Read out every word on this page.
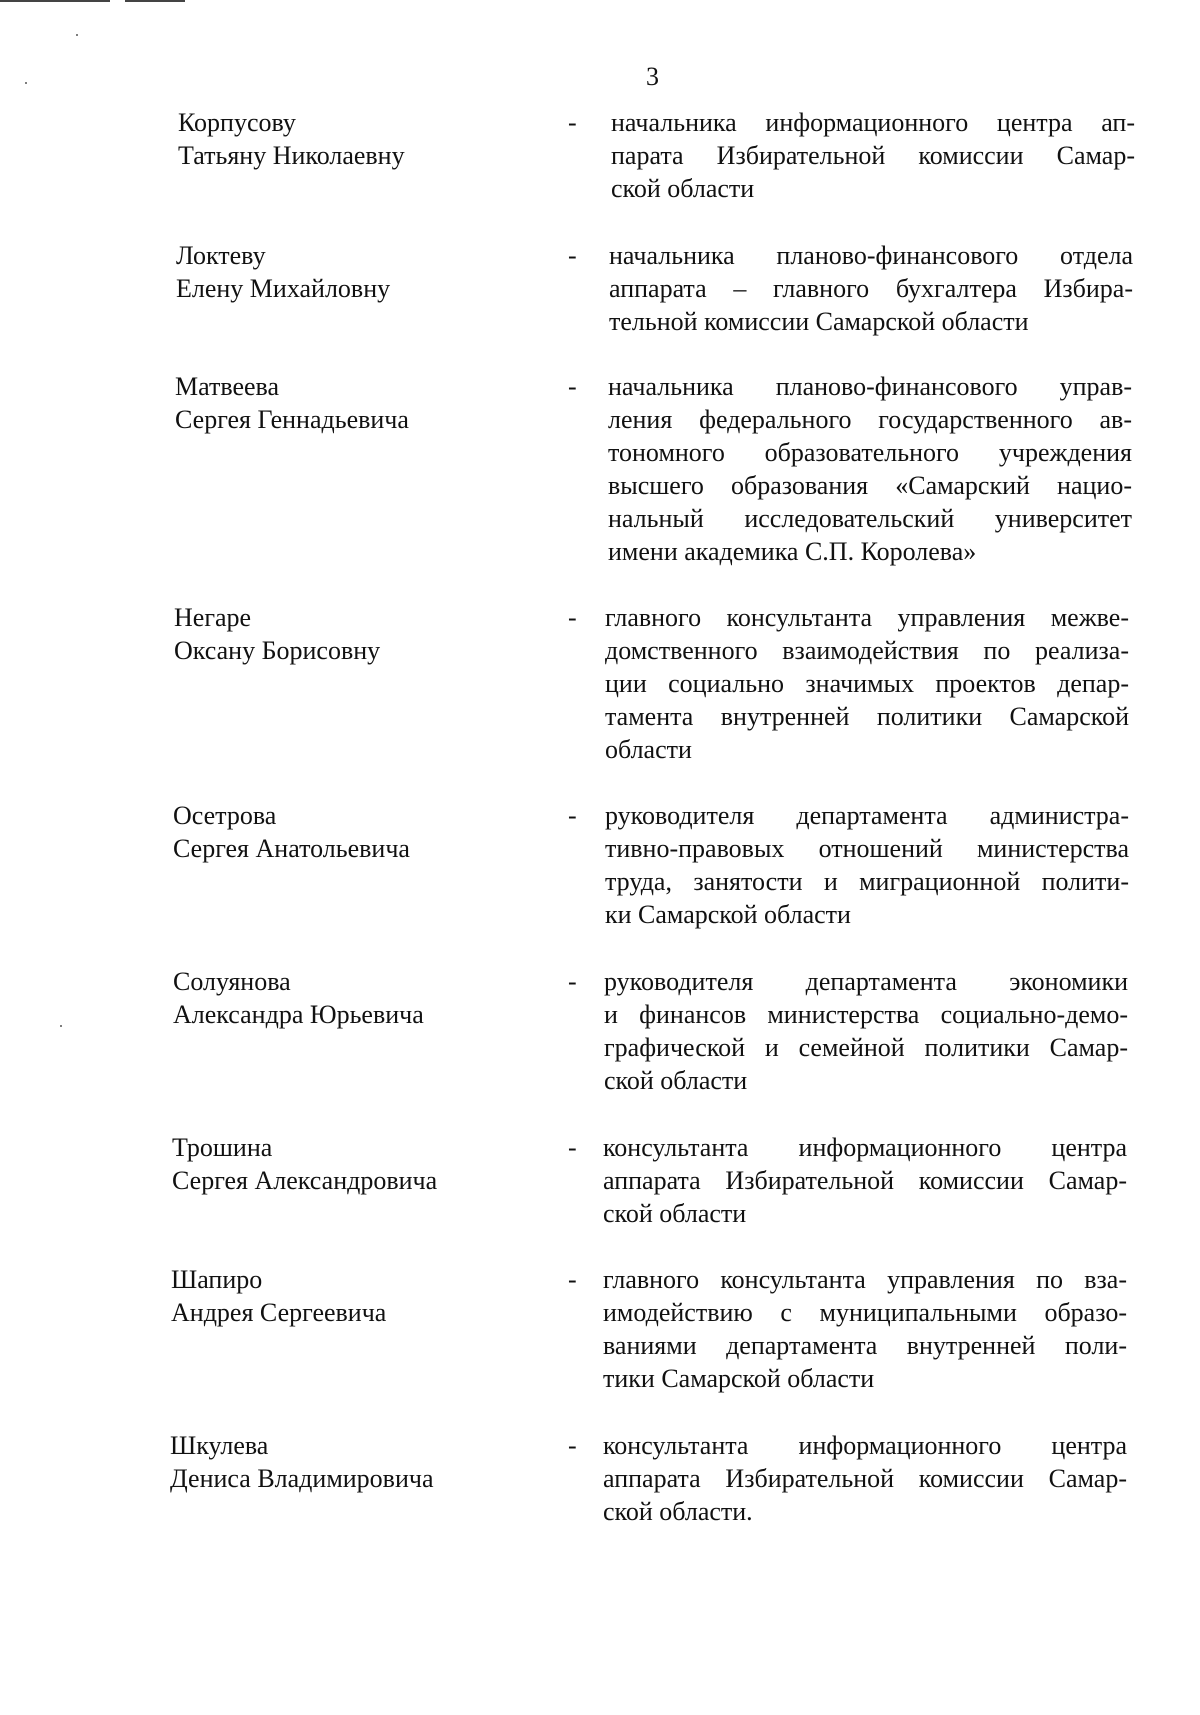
3
Корпусову
Татьяну Николаевну
- начальника информационного центра ап-
парата Избирательной комиссии Самар-
ской области
Локтеву
Елену Михайловну
- начальника планово-финансового отдела
аппарата – главного бухгалтера Избира-
тельной комиссии Самарской области
Матвеева
Сергея Геннадьевича
- начальника планово-финансового управ-
ления федерального государственного ав-
тономного образовательного учреждения
высшего образования «Самарский нацио-
нальный исследовательский университет
имени академика С.П. Королева»
Негаре
Оксану Борисовну
- главного консультанта управления межве-
домственного взаимодействия по реализа-
ции социально значимых проектов депар-
тамента внутренней политики Самарской
области
Осетрова
Сергея Анатольевича
- руководителя департамента администра-
тивно-правовых отношений министерства
труда, занятости и миграционной полити-
ки Самарской области
Солуянова
Александра Юрьевича
- руководителя департамента экономики
и финансов министерства социально-демо-
графической и семейной политики Самар-
ской области
Трошина
Сергея Александровича
- консультанта информационного центра
аппарата Избирательной комиссии Самар-
ской области
Шапиро
Андрея Сергеевича
- главного консультанта управления по вза-
имодействию с муниципальными образо-
ваниями департамента внутренней поли-
тики Самарской области
Шкулева
Дениса Владимировича
- консультанта информационного центра
аппарата Избирательной комиссии Самар-
ской области.
